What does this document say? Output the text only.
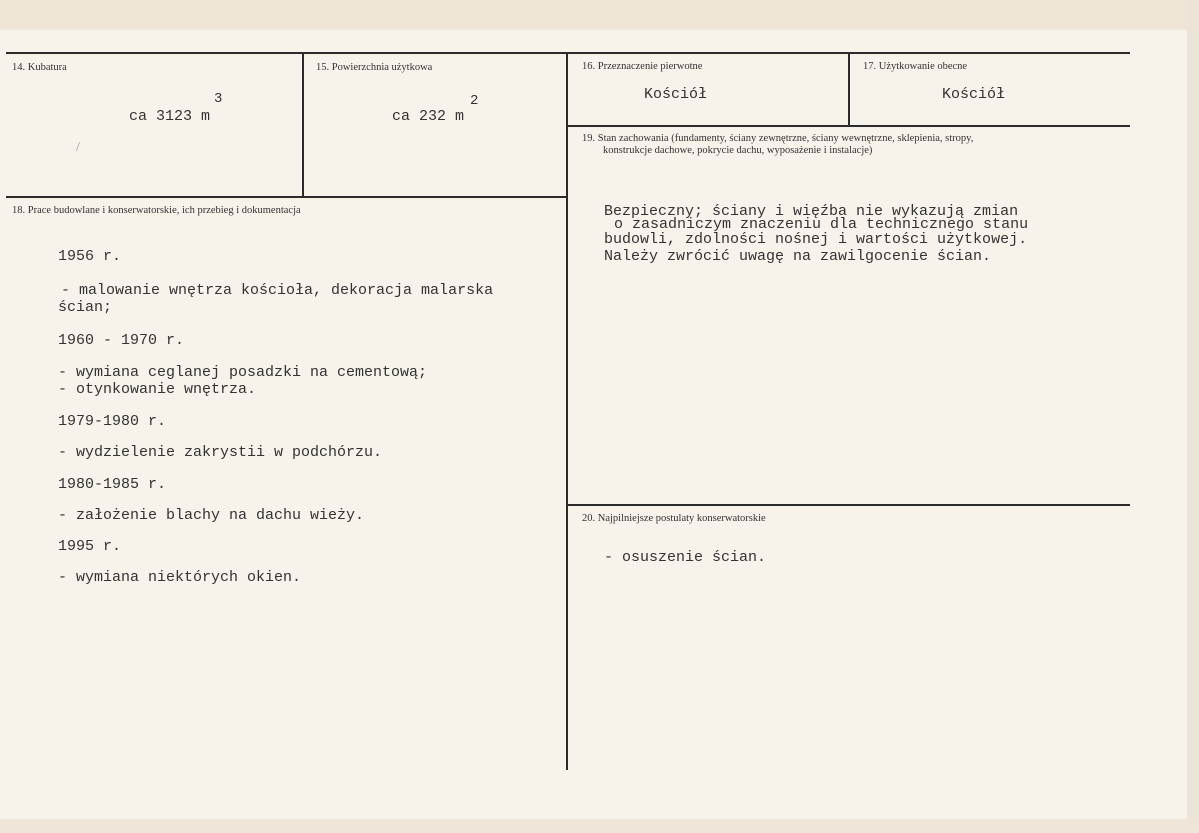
14. Kubatura
ca 3123 m
3
/
15. Powierzchnia użytkowa
ca 232 m
2
16. Przeznaczenie pierwotne
Kościół
17. Użytkowanie obecne
Kościół
19. Stan zachowania (fundamenty, ściany zewnętrzne, ściany wewnętrzne, sklepienia, stropy,
konstrukcje dachowe, pokrycie dachu, wyposażenie i instalacje)
Bezpieczny; ściany i więźba nie wykazują zmian
o zasadniczym znaczeniu dla technicznego stanu
budowli, zdolności nośnej i wartości użytkowej.
Należy zwrócić uwagę na zawilgocenie ścian.
18. Prace budowlane i konserwatorskie, ich przebieg i dokumentacja
1956 r.
- malowanie wnętrza kościoła, dekoracja malarska
ścian;
1960 - 1970 r.
- wymiana ceglanej posadzki na cementową;
- otynkowanie wnętrza.
1979-1980 r.
- wydzielenie zakrystii w podchórzu.
1980-1985 r.
- założenie blachy na dachu wieży.
1995 r.
- wymiana niektórych okien.
20. Najpilniejsze postulaty konserwatorskie
- osuszenie ścian.
